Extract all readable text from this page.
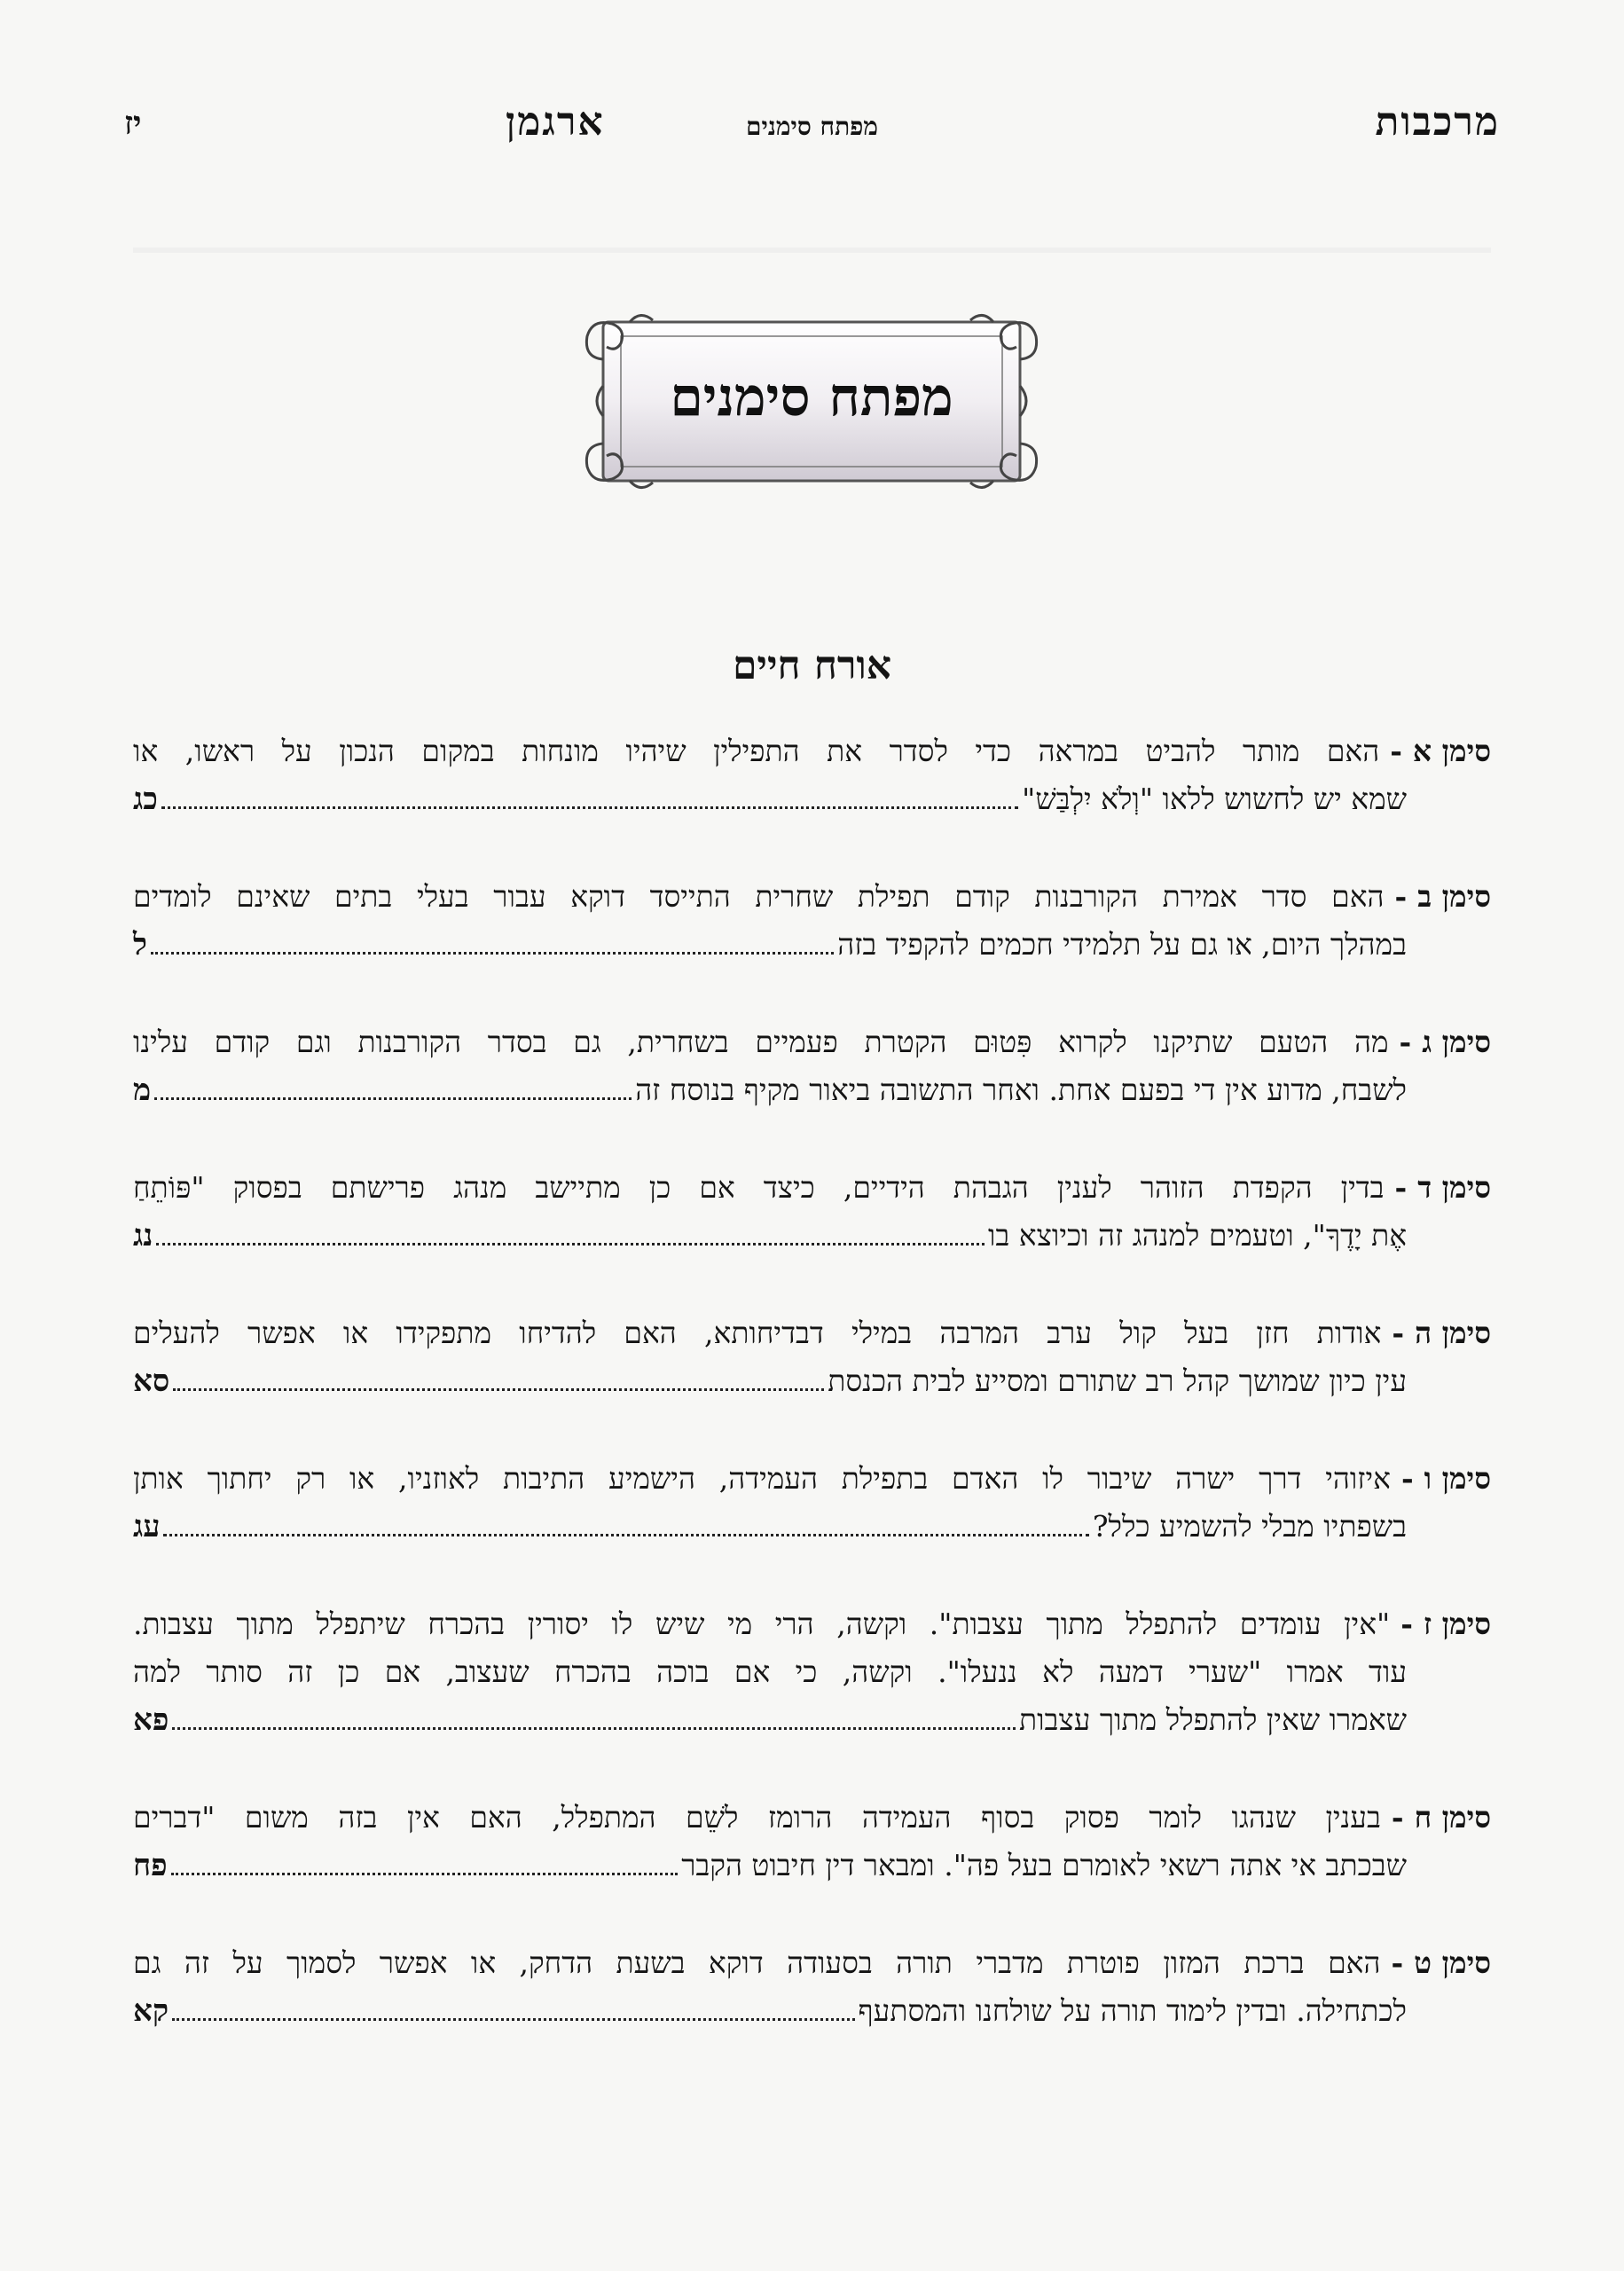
מרכבות
מפתח סימנים
ארגמן
יז
מפתח סימנים
אורח חיים
סימן א
-
האם מותר להביט במראה כדי לסדר את התפילין שיהיו מונחות במקום הנכון על ראשו, או
שמא יש לחשוש ללאו "וְלֹא יִלְבַּשׁ"
כג
סימן ב
-
האם סדר אמירת הקורבנות קודם תפילת שחרית התייסד דוקא עבור בעלי בתים שאינם לומדים
במהלך היום, או גם על תלמידי חכמים להקפיד בזה
ל
סימן ג
-
מה הטעם שתיקנו לקרוא פִּטוּם הקטרת פעמיים בשחרית, גם בסדר הקורבנות וגם קודם עלינו
לשבח, מדוע אין די בפעם אחת. ואחר התשובה ביאור מקיף בנוסח זה
מ
סימן ד
-
בדין הקפדת הזוהר לענין הגבהת הידיים, כיצד אם כן מתיישב מנהג פרישתם בפסוק "פּוֹתֵחַ
אֶת יָדֶךָ", וטעמים למנהג זה וכיוצא בו
נג
סימן ה
-
אודות חזן בעל קול ערב המרבה במילי דבדיחותא, האם להדיחו מתפקידו או אפשר להעלים
עין כיון שמושך קהל רב שתורם ומסייע לבית הכנסת
סא
סימן ו
-
איזוהי דרך ישרה שיבור לו האדם בתפילת העמידה, הישמיע התיבות לאוזניו, או רק יחתוך אותן
בשפתיו מבלי להשמיע כלל?
עג
סימן ז
-
"אין עומדים להתפלל מתוך עצבות". וקשה, הרי מי שיש לו יסורין בהכרח שיתפלל מתוך עצבות.
עוד אמרו "שערי דמעה לא ננעלו". וקשה, כי אם בוכה בהכרח שעצוב, אם כן זה סותר למה
שאמרו שאין להתפלל מתוך עצבות
פא
סימן ח
-
בענין שנהגו לומר פסוק בסוף העמידה הרומז לשֵׁם המתפלל, האם אין בזה משום "דברים
שבכתב אי אתה רשאי לאומרם בעל פה". ומבאר דין חיבוט הקבר
פח
סימן ט
-
האם ברכת המזון פוטרת מדברי תורה בסעודה דוקא בשעת הדחק, או אפשר לסמוך על זה גם
לכתחילה. ובדין לימוד תורה על שולחנו והמסתעף
קא
